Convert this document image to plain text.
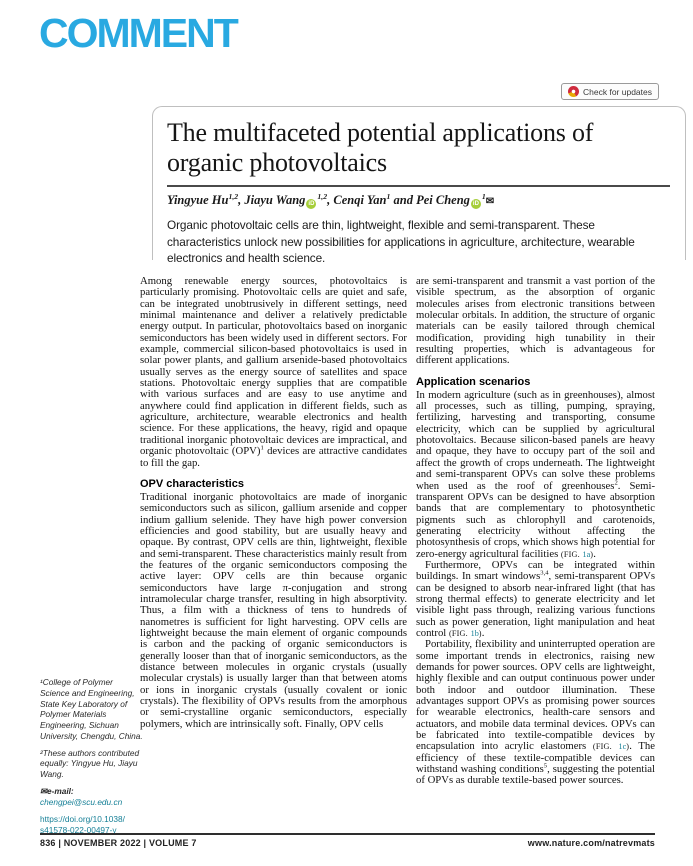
COMMENT
Check for updates
The multifaceted potential applications of organic photovoltaics
Yingyue Hu$^{1,2}$, Jiayu Wang iD$^{1,2}$, Cenqi Yan$^1$ and Pei Cheng $iD^1✉$
Organic photovoltaic cells are thin, lightweight, flexible and semi-transparent. These characteristics unlock new possibilities for applications in agriculture, architecture, wearable electronics and health science.

Among renewable energy sources, photovoltaics is particularly promising. Photovoltaic cells are quiet and safe, can be integrated unobtrusively in different settings, need minimal maintenance and deliver a relatively predictable energy output. In particular, photovoltaics based on inorganic semiconductors has been widely used in different sectors. For example, commercial silicon-based photovoltaics is used in solar power plants, and gallium arsenide-based photovoltaics usually serves as the energy source of satellites and space stations. Photovoltaic energy supplies that are compatible with various surfaces and are easy to use anytime and anywhere could find application in different fields, such as agriculture, architecture, wearable electronics and health science. For these applications, the heavy, rigid and opaque traditional inorganic photovoltaic devices are impractical, and organic photovoltaic (OPV)$^1$ devices are attractive candidates to fill the gap.

OPV characteristics

Traditional inorganic photovoltaics are made of inorganic semiconductors such as silicon, gallium arsenide and copper indium gallium selenide. They have high power conversion efficiencies and good stability, but are usually heavy and opaque. By contrast, OPV cells are thin, lightweight, flexible and semi-transparent. These characteristics mainly result from the features of the organic semiconductors composing the active layer: OPV cells are thin because organic semiconductors have large π-conjugation and strong intramolecular charge transfer, resulting in high absorptivity. Thus, a film with a thickness of tens to hundreds of nanometres is sufficient for light harvesting. OPV cells are lightweight because the main element of organic compounds is carbon and the packing of organic semiconductors is generally looser than that of inorganic semiconductors, as the distance between molecules in organic crystals (usually molecular crystals) is usually larger than that between atoms or ions in inorganic crystals (usually covalent or ionic crystals). The flexibility of OPVs results from the amorphous or semi-crystalline organic semiconductors, especially polymers, which are intrinsically soft. Finally, OPV cells

are semi-transparent and transmit a vast portion of the visible spectrum, as the absorption of organic molecules arises from electronic transitions between molecular orbitals. In addition, the structure of organic materials can be easily tailored through chemical modification, providing high tunability in their resulting properties, which is advantageous for different applications.

Application scenarios

In modern agriculture (such as in greenhouses), almost all processes, such as tilling, pumping, spraying, fertilizing, harvesting and transporting, consume electricity, which can be supplied by agricultural photovoltaics. Because silicon-based panels are heavy and opaque, they have to occupy part of the soil and affect the growth of crops underneath. The lightweight and semi-transparent OPVs can solve these problems when used as the roof of greenhouses$^2$. Semi-transparent OPVs can be designed to have absorption bands that are complementary to photosynthetic pigments such as chlorophyll and carotenoids, generating electricity without affecting the photosynthesis of crops, which shows high potential for zero-energy agricultural facilities (FIG. 1a).

Furthermore, OPVs can be integrated within buildings. In smart windows$^{3,4}$, semi-transparent OPVs can be designed to absorb near-infrared light (that has strong thermal effects) to generate electricity and let visible light pass through, realizing various functions such as power generation, light manipulation and heat control (FIG. 1b).

Portability, flexibility and uninterrupted operation are some important trends in electronics, raising new demands for power sources. OPV cells are lightweight, highly flexible and can output continuous power under both indoor and outdoor illumination. These advantages support OPVs as promising power sources for wearable electronics, health-care sensors and actuators, and mobile data terminal devices. OPVs can be fabricated into textile-compatible devices by encapsulation into acrylic elastomers (FIG. 1c). The efficiency of these textile-compatible devices can withstand washing conditions$^5$, suggesting the potential of OPVs as durable textile-based power sources.

¹College of Polymer Science and Engineering, State Key Laboratory of Polymer Materials Engineering, Sichuan University, Chengdu, China.
²These authors contributed equally: Yingyue Hu, Jiayu Wang.
✉e-mail: chengpei@scu.edu.cn
https://doi.org/10.1038/
s41578-022-00497-y
836 | NOVEMBER 2022 | VOLUME 7	www.nature.com/natrevmats
